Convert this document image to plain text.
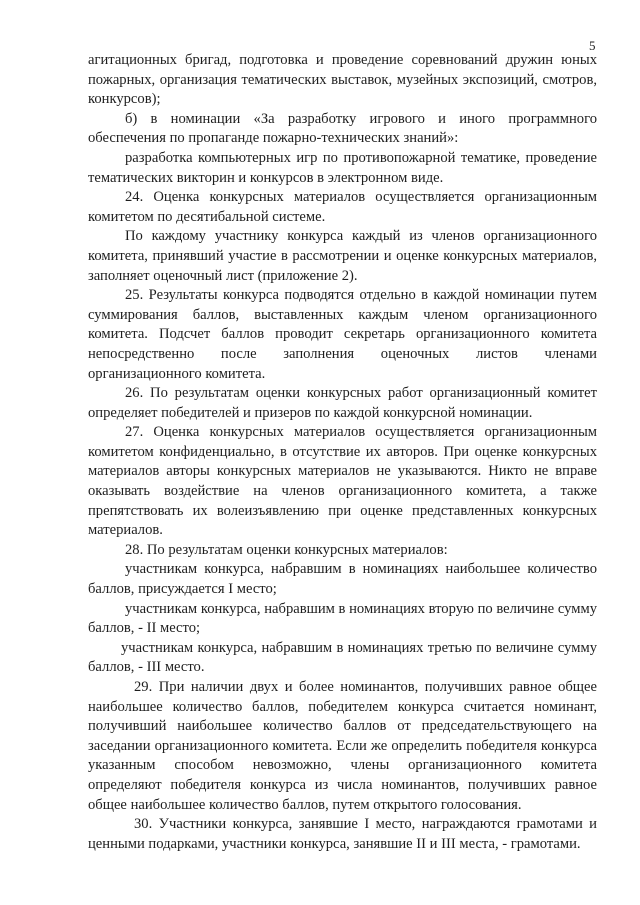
5

агитационных бригад, подготовка и проведение соревнований дружин юных пожарных, организация тематических выставок, музейных экспозиций, смотров, конкурсов);

б) в номинации «За разработку игрового и иного программного обеспечения по пропаганде пожарно-технических знаний»:

разработка компьютерных игр по противопожарной тематике, проведение тематических викторин и конкурсов в электронном виде.

24. Оценка конкурсных материалов осуществляется организационным комитетом по десятибальной системе.

По каждому участнику конкурса каждый из членов организационного комитета, принявший участие в рассмотрении и оценке конкурсных материалов, заполняет оценочный лист (приложение 2).

25. Результаты конкурса подводятся отдельно в каждой номинации путем суммирования баллов, выставленных каждым членом организационного комитета. Подсчет баллов проводит секретарь организационного комитета непосредственно после заполнения оценочных листов членами организационного комитета.

26. По результатам оценки конкурсных работ организационный комитет определяет победителей и призеров по каждой конкурсной номинации.

27. Оценка конкурсных материалов осуществляется организационным комитетом конфиденциально, в отсутствие их авторов. При оценке конкурсных материалов авторы конкурсных материалов не указываются. Никто не вправе оказывать воздействие на членов организационного комитета, а также препятствовать их волеизъявлению при оценке представленных конкурсных материалов.

28. По результатам оценки конкурсных материалов:

участникам конкурса, набравшим в номинациях наибольшее количество баллов, присуждается I место;

участникам конкурса, набравшим в номинациях вторую по величине сумму баллов, - II место;

участникам конкурса, набравшим в номинациях третью по величине сумму баллов, - III место.

29. При наличии двух и более номинантов, получивших равное общее наибольшее количество баллов, победителем конкурса считается номинант, получивший наибольшее количество баллов от председательствующего на заседании организационного комитета. Если же определить победителя конкурса указанным способом невозможно, члены организационного комитета определяют победителя конкурса из числа номинантов, получивших равное общее наибольшее количество баллов, путем открытого голосования.

30. Участники конкурса, занявшие I место, награждаются грамотами и ценными подарками, участники конкурса, занявшие II и III места, - грамотами.
